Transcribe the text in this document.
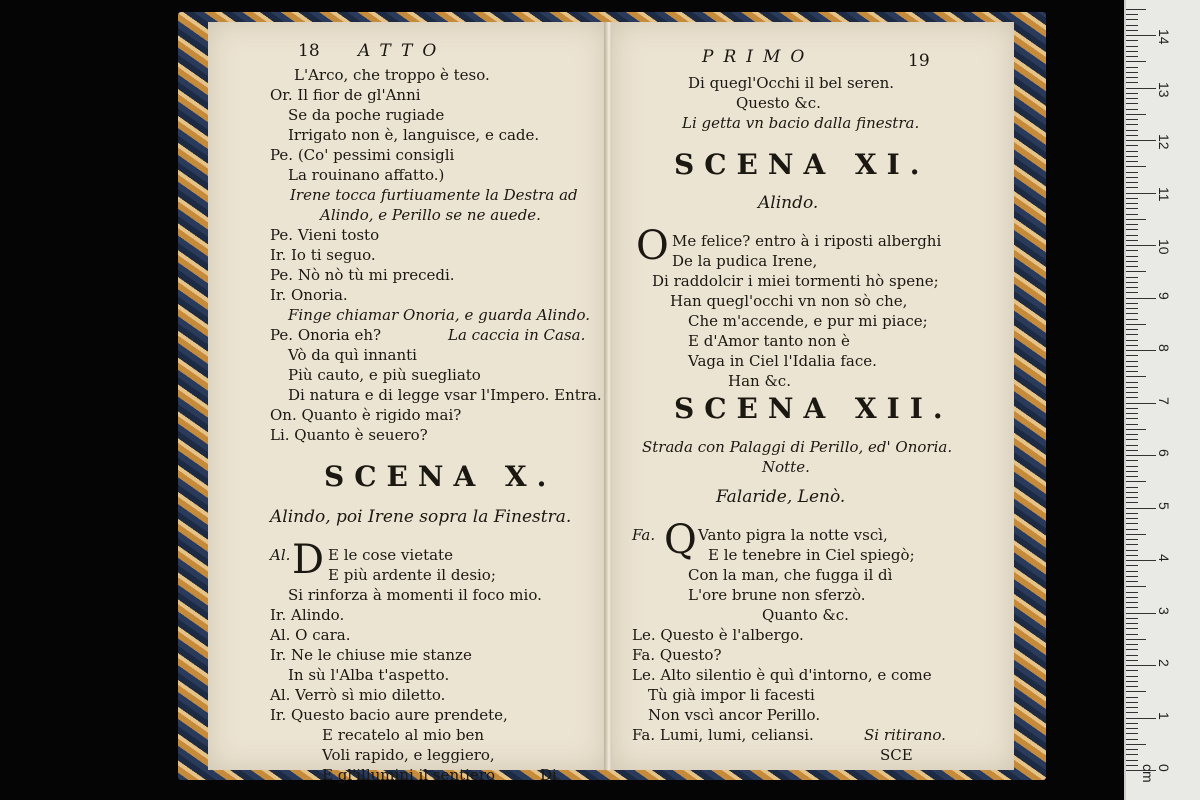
18 ATTO
L'Arco, che troppo è teso.
Or. Il fior de gl'Anni
Se da poche rugiade
Irrigato non è, languisce, e cade.
Pe. (Co' pessimi consigli
La rouinano affatto.)
Irene tocca furtiuamente la Destra ad
Alindo, e Perillo se ne auede.
Pe. Vieni tosto
Ir. Io ti seguo.
Pe. Nò nò tù mi precedi.
Ir. Onoria.
Finge chiamar Onoria, e guarda Alindo.
Pe. Onoria eh?	La caccia in Casa.
Vò da quì innanti
Più cauto, e più suegliato
Di natura e di legge vsar l'Impero. Entra.
On. Quanto è rigido mai?
Li. Quanto è seuero?
SCENA X.
Alindo, poi Irene sopra la Finestra.
Al. D E le cose vietate
E più ardente il desio;
Si rinforza à momenti il foco mio.
Ir. Alindo.
Al. O cara.
Ir. Ne le chiuse mie stanze
In sù l'Alba t'aspetto.
Al. Verrò sì mio diletto.
Ir. Questo bacio aure prendete,
E recatelo al mio ben
Voli rapido, e leggiero,
E gl'illumini il sentiero	Di
PRIMO	19
Di quegl'Occhi il bel seren.
Questo &c.
Li getta vn bacio dalla finestra.
SCENA XI.
Alindo.
O Me felice? entro à i riposti alberghi
De la pudica Irene,
Di raddolcir i miei tormenti hò spene;
Han quegl'occhi vn non sò che,
Che m'accende, e pur mi piace;
E d'Amor tanto non è
Vaga in Ciel l'Idalia face.
Han &c.
SCENA XII.
Strada con Palaggi di Perillo, ed' Onoria.
Notte.
Falaride, Lenò.
Fa. Q Vanto pigra la notte vscì,
E le tenebre in Ciel spiegò;
Con la man, che fugga il dì
L'ore brune non sferzò.
Quanto &c.
Le. Questo è l'albergo.
Fa. Questo?
Le. Alto silentio è quì d'intorno, e come
Tù già impor li facesti
Non vscì ancor Perillo.
Fa. Lumi, lumi, celiansi.	Si ritirano.
SCE
0 cm
1
2
3
4
5
6
7
8
9
10
11
12
13
14
